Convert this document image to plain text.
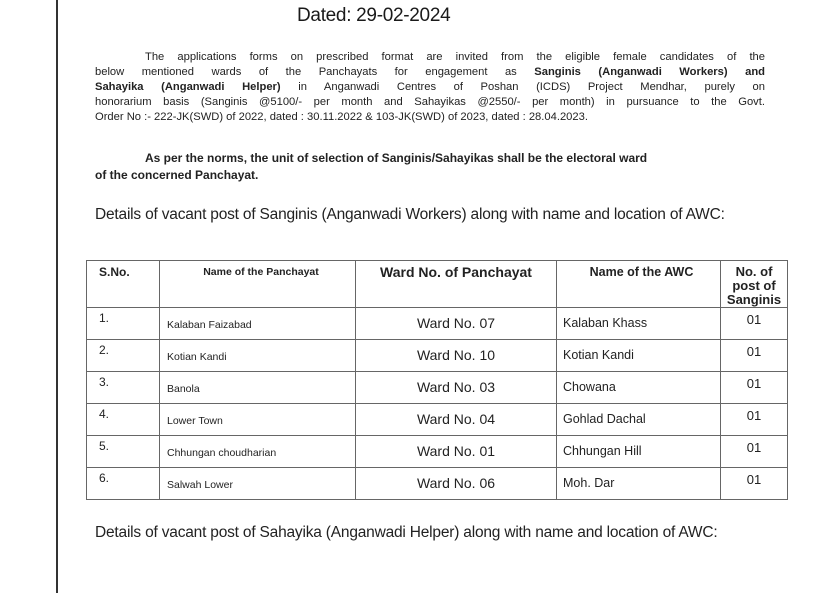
Dated: 29-02-2024
The applications forms on prescribed format are invited from the eligible female candidates of the
below mentioned wards of the Panchayats for engagement as Sanginis (Anganwadi Workers) and
Sahayika (Anganwadi Helper) in Anganwadi Centres of Poshan (ICDS) Project Mendhar, purely on
honorarium basis (Sanginis @5100/- per month and Sahayikas @2550/- per month) in pursuance to the Govt.
Order No :- 222-JK(SWD) of 2022, dated : 30.11.2022 & 103-JK(SWD) of 2023, dated : 28.04.2023.
As per the norms, the unit of selection of Sanginis/Sahayikas shall be the electoral ward
of the concerned Panchayat.
Details of vacant post of Sanginis (Anganwadi Workers) along with name and location of AWC:
S.No.	Name of the Panchayat	Ward No. of Panchayat	Name of the AWC	No. of post of Sanginis
1.	Kalaban Faizabad	Ward No. 07	Kalaban Khass	01
2.	Kotian Kandi	Ward No. 10	Kotian Kandi	01
3.	Banola	Ward No. 03	Chowana	01
4.	Lower Town	Ward No. 04	Gohlad Dachal	01
5.	Chhungan choudharian	Ward No. 01	Chhungan Hill	01
6.	Salwah Lower	Ward No. 06	Moh. Dar	01
Details of vacant post of Sahayika (Anganwadi Helper) along with name and location of AWC:
